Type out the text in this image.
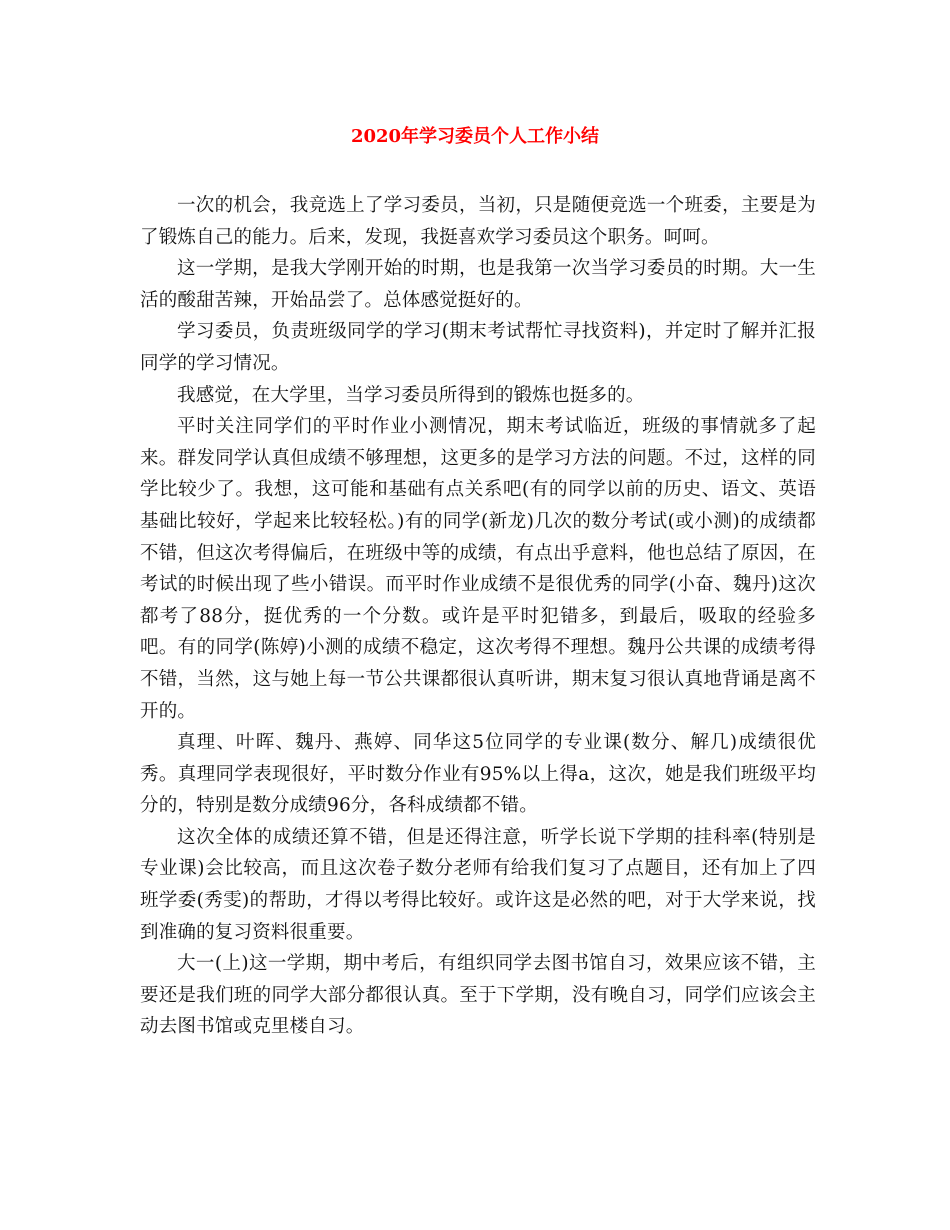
2020年学习委员个人工作小结

一次的机会，我竞选上了学习委员，当初，只是随便竞选一个班委，主要是为了锻炼自己的能力。后来，发现，我挺喜欢学习委员这个职务。呵呵。

这一学期，是我大学刚开始的时期，也是我第一次当学习委员的时期。大一生活的酸甜苦辣，开始品尝了。总体感觉挺好的。

学习委员，负责班级同学的学习(期末考试帮忙寻找资料)，并定时了解并汇报同学的学习情况。

我感觉，在大学里，当学习委员所得到的锻炼也挺多的。

平时关注同学们的平时作业小测情况，期末考试临近，班级的事情就多了起来。群发同学认真但成绩不够理想，这更多的是学习方法的问题。不过，这样的同学比较少了。我想，这可能和基础有点关系吧(有的同学以前的历史、语文、英语基础比较好，学起来比较轻松。)有的同学(新龙)几次的数分考试(或小测)的成绩都不错，但这次考得偏后，在班级中等的成绩，有点出乎意料，他也总结了原因，在考试的时候出现了些小错误。而平时作业成绩不是很优秀的同学(小奋、魏丹)这次都考了88分，挺优秀的一个分数。或许是平时犯错多，到最后，吸取的经验多吧。有的同学(陈婷)小测的成绩不稳定，这次考得不理想。魏丹公共课的成绩考得不错，当然，这与她上每一节公共课都很认真听讲，期末复习很认真地背诵是离不开的。

真理、叶晖、魏丹、燕婷、同华这5位同学的专业课(数分、解几)成绩很优秀。真理同学表现很好，平时数分作业有95%以上得a，这次，她是我们班级平均分的，特别是数分成绩96分，各科成绩都不错。

这次全体的成绩还算不错，但是还得注意，听学长说下学期的挂科率(特别是专业课)会比较高，而且这次卷子数分老师有给我们复习了点题目，还有加上了四班学委(秀雯)的帮助，才得以考得比较好。或许这是必然的吧，对于大学来说，找到准确的复习资料很重要。

大一(上)这一学期，期中考后，有组织同学去图书馆自习，效果应该不错，主要还是我们班的同学大部分都很认真。至于下学期，没有晚自习，同学们应该会主动去图书馆或克里楼自习。
